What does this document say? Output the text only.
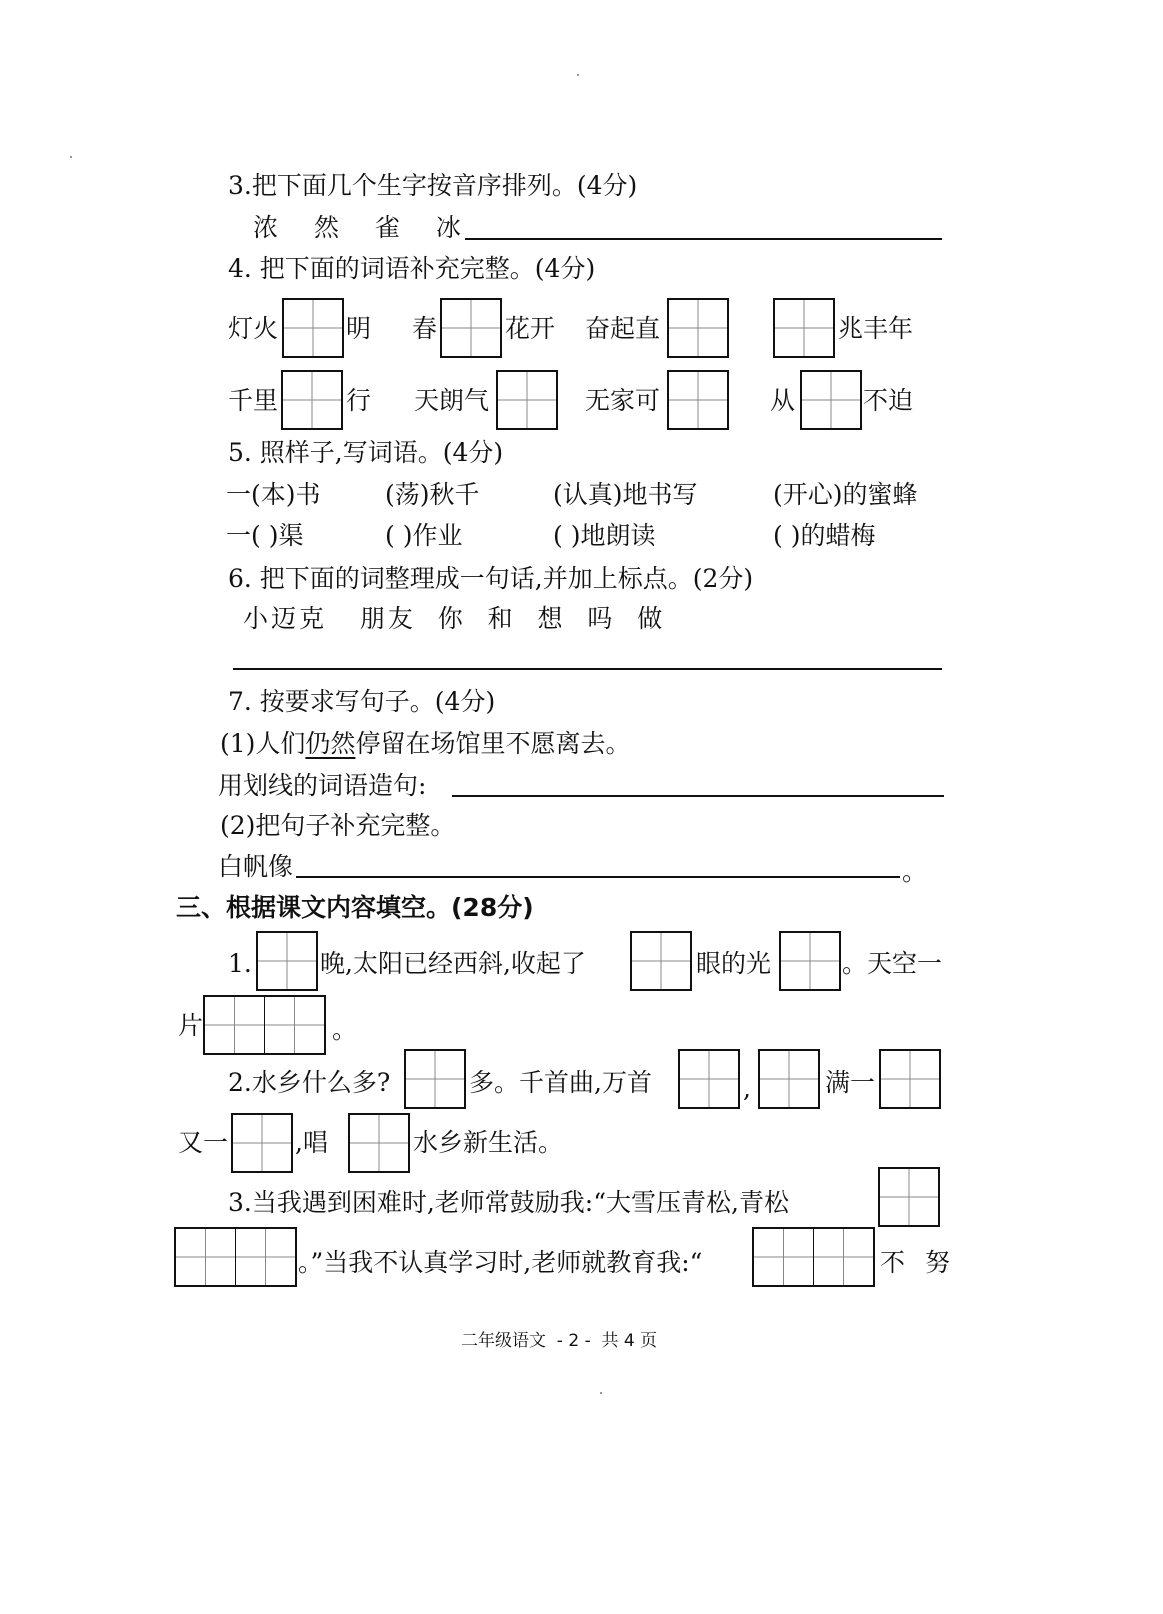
3.把下面几个生字按音序排列。(4分)
浓 然 雀 冰
4. 把下面的词语补充完整。(4分)
灯火	明 春	花开 奋起直	兆丰年
千里	行 天朗气	无家可	从	不迫
5. 照样子,写词语。(4分)
一(本)书	(荡)秋千	(认真)地书写	(开心)的蜜蜂
一( )渠	( )作业	( )地朗读	( )的蜡梅
6. 把下面的词整理成一句话,并加上标点。(2分)
小迈克   朋友  你  和  想  吗  做
7. 按要求写句子。(4分)
(1)人们仍然停留在场馆里不愿离去。
用划线的词语造句:
(2)把句子补充完整。
白帆像	。
三、根据课文内容填空。(28分)
1.	晚,太阳已经西斜,收起了	眼的光	。天空一
片	。
2.水乡什么多?	多。千首曲,万首	,	满一
又一	,唱	水乡新生活。
3.当我遇到困难时,老师常鼓励我:“大雪压青松,青松
。”当我不认真学习时,老师就教育我:“	不 努
二年级语文  - 2 -  共 4 页
